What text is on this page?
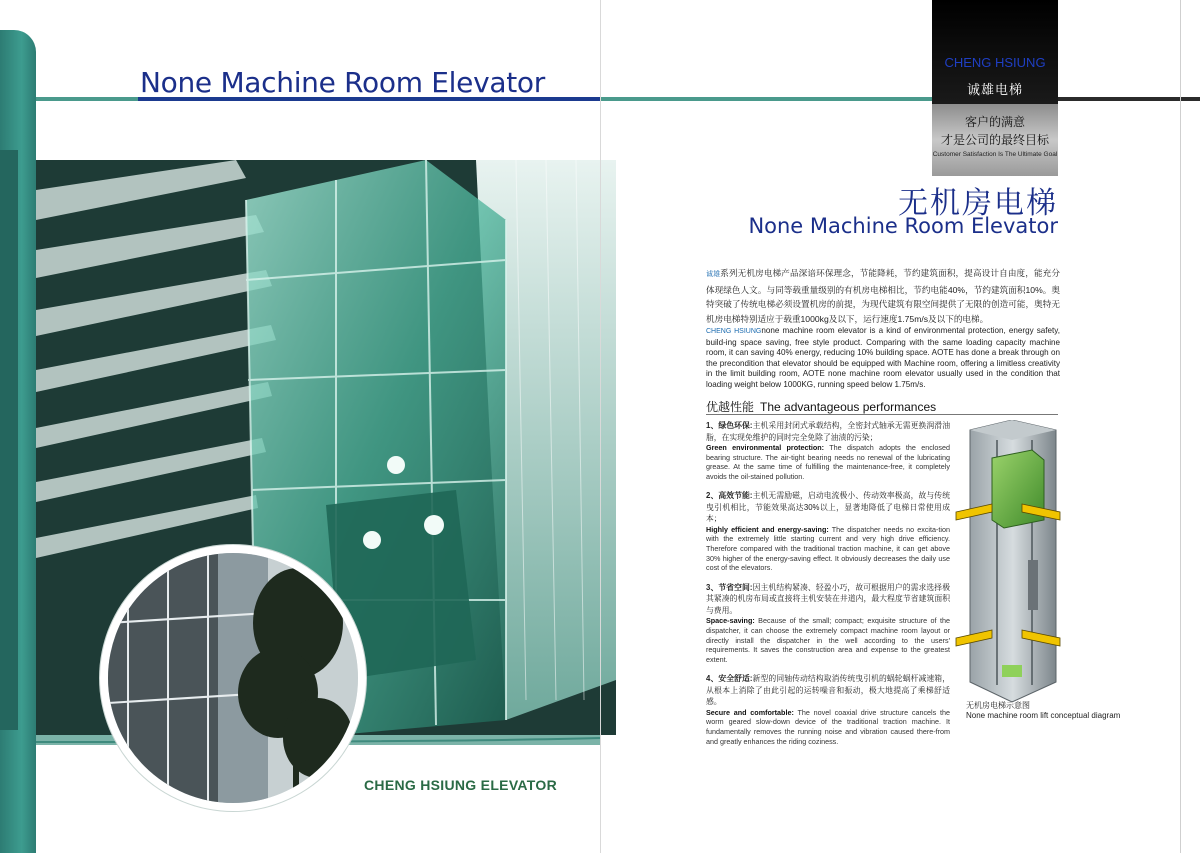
None Machine Room Elevator
CHENG HSIUNG ELEVATOR
CHENG HSIUNG
诚雄电梯
客户的满意
才是公司的最终目标
Customer Satisfaction Is The Ultimate Goal
无机房电梯
None Machine Room Elevator
诚雄系列无机房电梯产品深谙环保理念，节能降耗，节约建筑面积，提高设计自由度，能充分体现绿色人文。与同等载重量级别的有机房电梯相比，节约电能40%，节约建筑面积10%。奥特突破了传统电梯必须设置机房的前提，为现代建筑有限空间提供了无限的创造可能，奥特无机房电梯特别适应于载重1000kg及以下，运行速度1.75m/s及以下的电梯。
CHENG HSIUNGnone machine room elevator is a kind of environmental protection, energy safety, build-ing space saving, free style product. Comparing with the same loading capacity machine room, it can saving 40% energy, reducing 10% building space. AOTE has done a break through on the precondition that elevator should be equipped with Machine room, offering a limitless creativity in the limit building room, AOTE none machine room elevator usually used in the condition that loading weight below 1000KG, running speed below 1.75m/s.
优越性能 The advantageous performances
1、绿色环保:主机采用封闭式承载结构，全密封式轴承无需更换润滑油脂，在实现免维护的同时完全免除了油渍的污染；
Green environmental protection: The dispatch adopts the enclosed bearing structure. The air-tight bearing needs no renewal of the lubricating grease. At the same time of fulfilling the maintenance-free, it completely avoids the oil-stained pollution.
2、高效节能:主机无需励磁，启动电流极小、传动效率极高，故与传统曳引机相比，节能效果高达30%以上，显著地降低了电梯日常使用成本；
Highly efficient and energy-saving: The dispatcher needs no excita-tion with the extremely little starting current and very high drive efficiency. Therefore compared with the traditional traction machine, it can get above 30% higher of the energy-saving effect. It obviously decreases the daily use cost of the elevators.
3、节省空间:因主机结构紧凑、轻盈小巧，故可根据用户的需求选择极其紧凑的机房布局或直接将主机安装在井道内，最大程度节省建筑面积与费用。
Space-saving: Because of the small; compact; exquisite structure of the dispatcher, it can choose the extremely compact machine room layout or directly install the dispatcher in the well according to the users' requirements. It saves the construction area and expense to the greatest extent.
4、安全舒适:新型的同轴传动结构取消传统曳引机的蜗轮蜗杆减速箱，从根本上消除了由此引起的运转噪音和振动，极大地提高了乘梯舒适感。
Secure and comfortable: The novel coaxial drive structure cancels the worm geared slow-down device of the traditional traction machine. It fundamentally removes the running noise and vibration caused there-from and greatly enhances the riding coziness.
无机房电梯示意图
None machine room lift conceptual diagram
